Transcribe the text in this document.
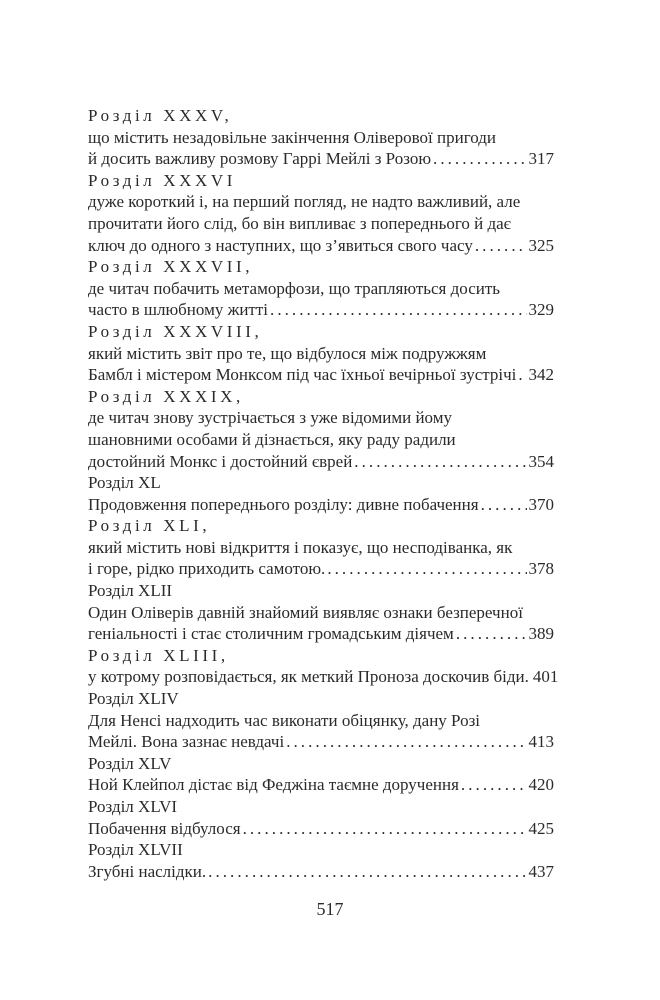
Розділ XXXV,
що містить незадовільне закінчення Оліверової пригоди
й досить важливу розмову Гаррі Мейлі з Розою . . .	317
Розділ XXXVI
дуже короткий і, на перший погляд, не надто важливий, але
прочитати його слід, бо він випливає з попереднього й дає
ключ до одного з наступних, що з’явиться свого часу . . .	325
Розділ XXXVII,
де читач побачить метаморфози, що трапляються досить
часто в шлюбному житті . . .	329
Розділ XXXVIII,
який містить звіт про те, що відбулося між подружжям
Бамбл і містером Монксом під час їхньої вечірньої зустрічі . . . 342
Розділ XXXIX,
де читач знову зустрічається з уже відомими йому
шановними особами й дізнається, яку раду радили
достойний Монкс і достойний єврей . . .	354
Розділ XL
Продовження попереднього розділу: дивне побачення . . .	370
Розділ XLI,
який містить нові відкриття і показує, що несподіванка, як
і горе, рідко приходить самотою. . . .	378
Розділ XLII
Один Оліверів давній знайомий виявляє ознаки безперечної
геніальності і стає столичним громадським діячем . . .	389
Розділ XLIII,
у котрому розповідається, як меткий Проноза доскочив біди. 401
Розділ XLIV
Для Ненсі надходить час виконати обіцянку, дану Розі
Мейлі. Вона зазнає невдачі . . .	413
Розділ XLV
Ной Клейпол дістає від Феджіна таємне доручення . . .	420
Розділ XLVI
Побачення відбулося . . .	425
Розділ XLVII
Згубні наслідки. . . .	437
517
